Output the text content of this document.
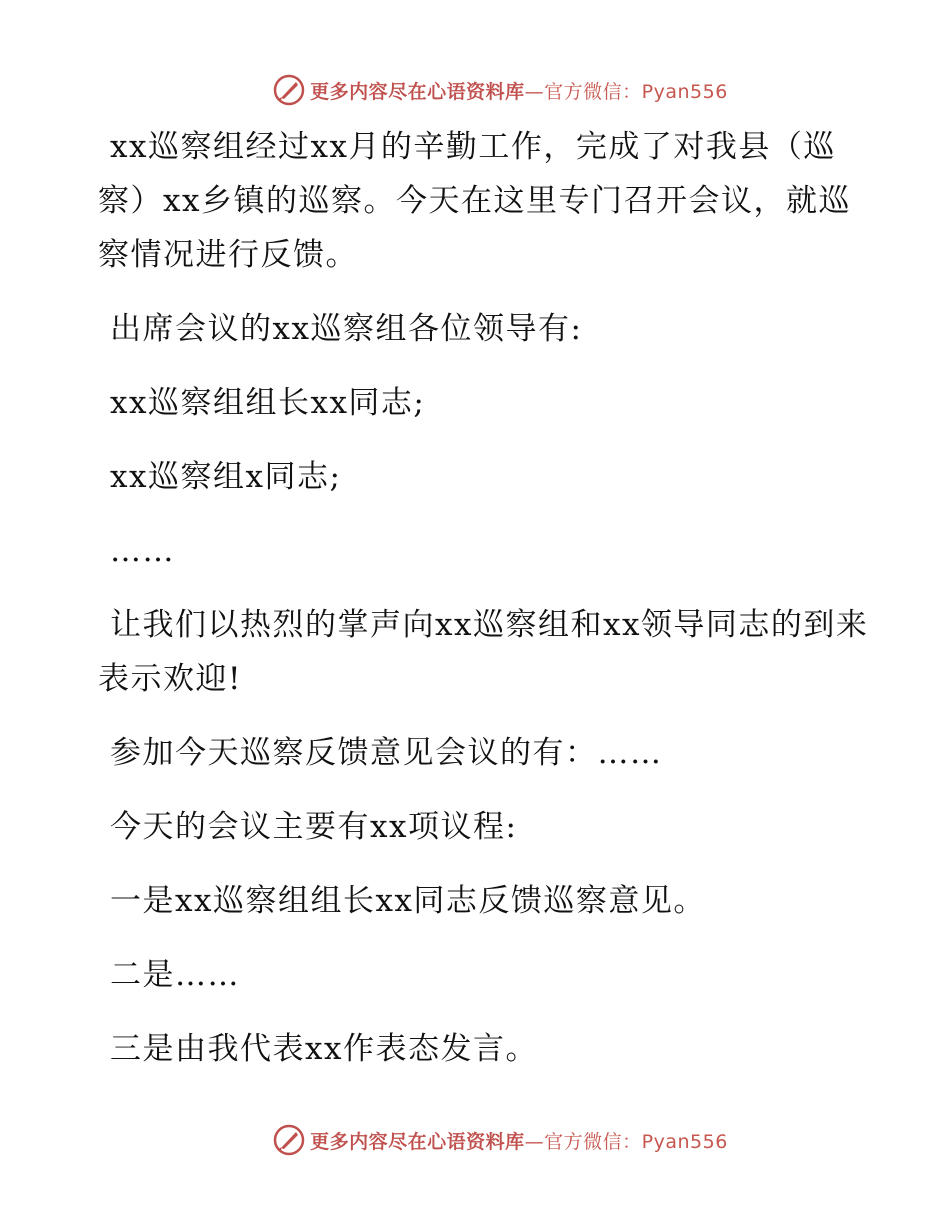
更多内容尽在心语资料库—官方微信：Pyan556

xx巡察组经过xx月的辛勤工作，完成了对我县（巡察）xx乡镇的巡察。今天在这里专门召开会议，就巡察情况进行反馈。

出席会议的xx巡察组各位领导有:

xx巡察组组长xx同志;

xx巡察组x同志;

……

让我们以热烈的掌声向xx巡察组和xx领导同志的到来表示欢迎!

参加今天巡察反馈意见会议的有：……

今天的会议主要有xx项议程:

一是xx巡察组组长xx同志反馈巡察意见。

二是……

三是由我代表xx作表态发言。

更多内容尽在心语资料库—官方微信：Pyan556
